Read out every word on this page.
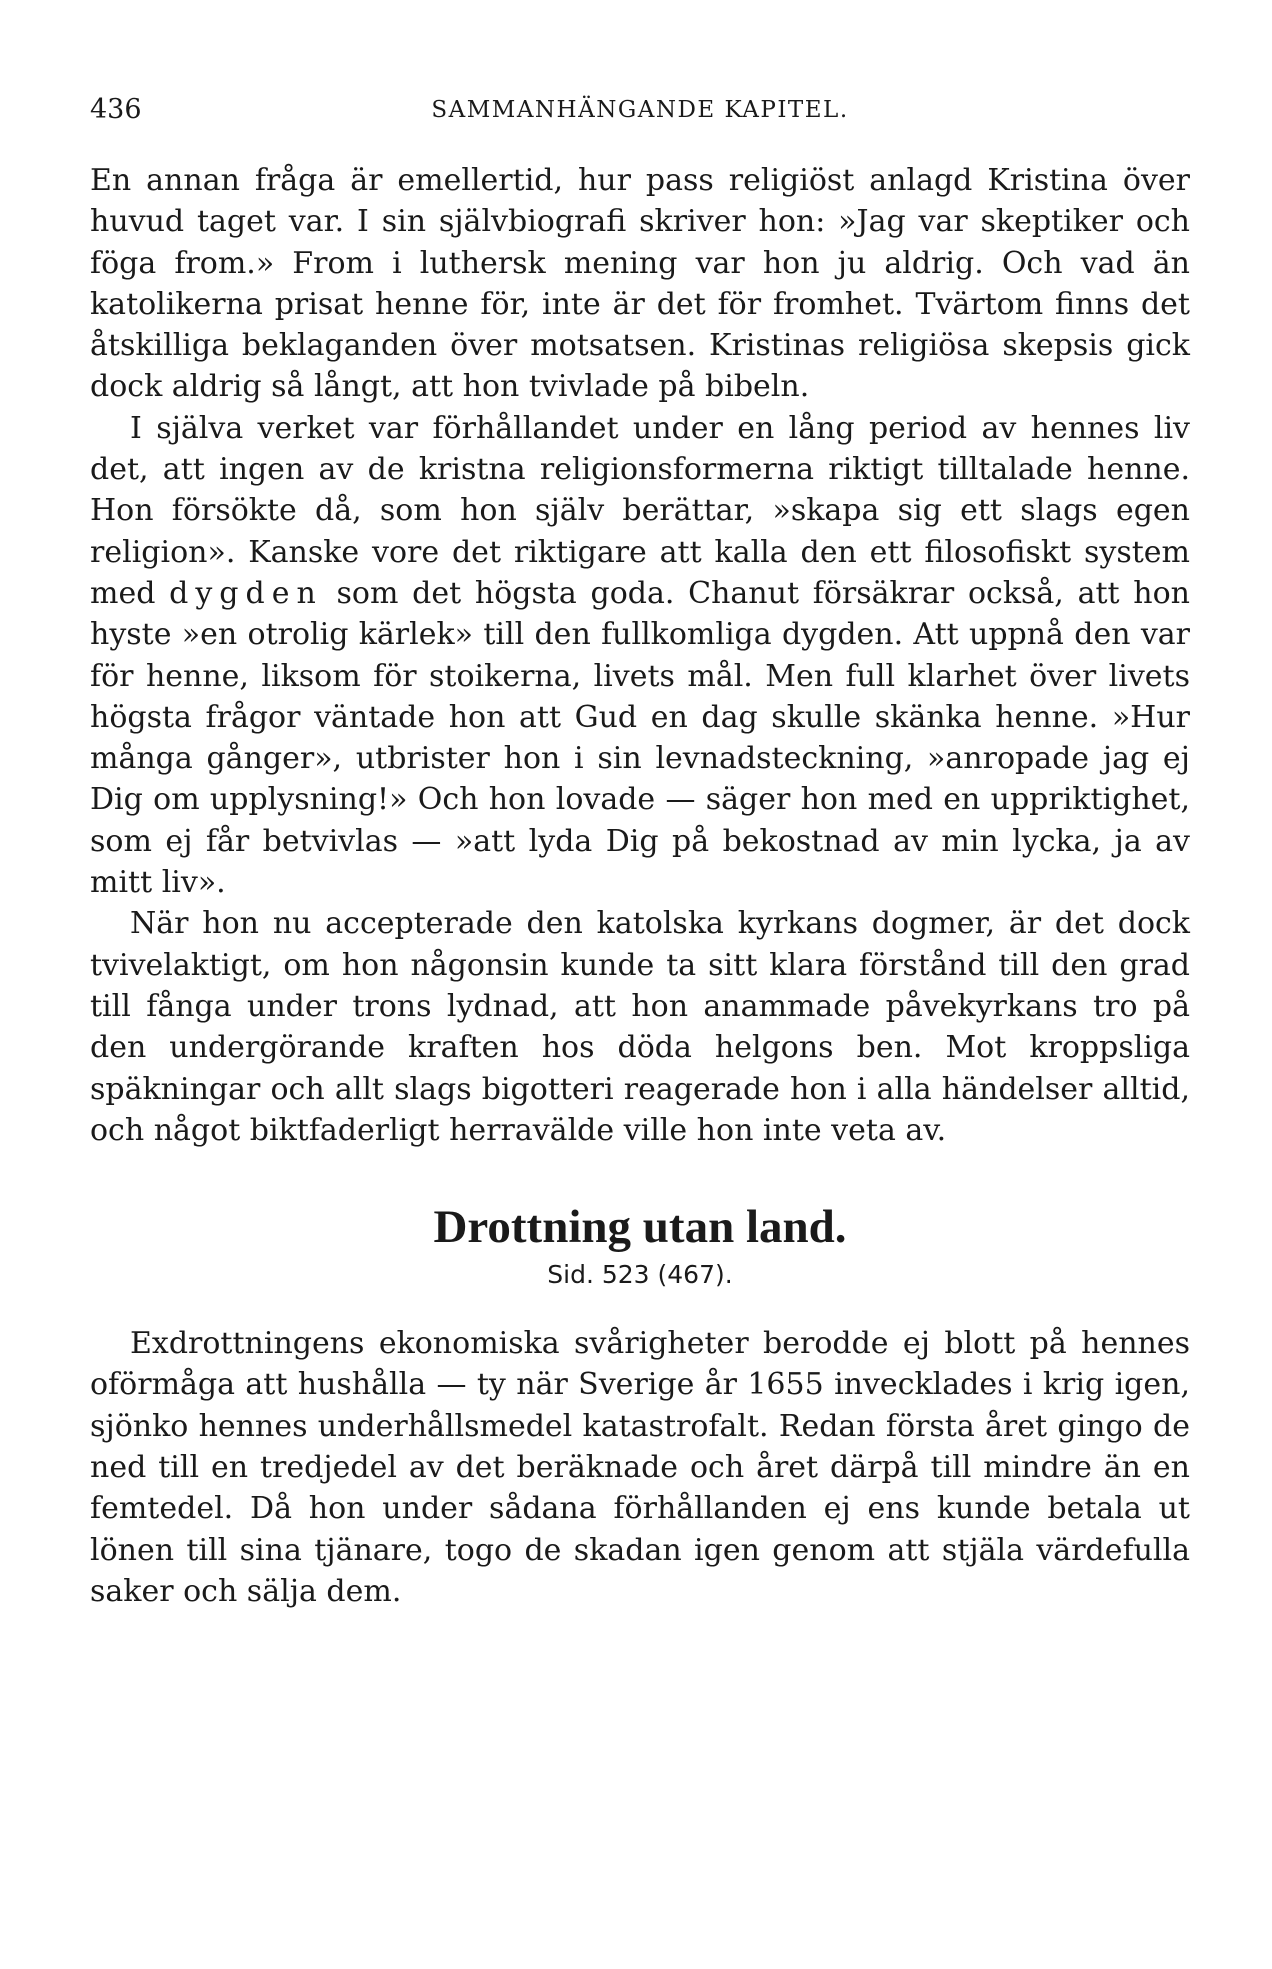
436	SAMMANHÄNGANDE KAPITEL.

En annan fråga är emellertid, hur pass religiöst anlagd Kristina över huvud taget var. I sin självbiografi skriver hon: »Jag var skeptiker och föga from.» From i luthersk mening var hon ju aldrig. Och vad än katolikerna prisat henne för, inte är det för fromhet. Tvärtom finns det åtskilliga beklaganden över motsatsen. Kristinas religiösa skepsis gick dock aldrig så långt, att hon tvivlade på bibeln.

I själva verket var förhållandet under en lång period av hennes liv det, att ingen av de kristna religionsformerna riktigt tilltalade henne. Hon försökte då, som hon själv berättar, »skapa sig ett slags egen religion». Kanske vore det riktigare att kalla den ett filosofiskt system med dygden som det högsta goda. Chanut försäkrar också, att hon hyste »en otrolig kärlek» till den fullkomliga dygden. Att uppnå den var för henne, liksom för stoikerna, livets mål. Men full klarhet över livets högsta frågor väntade hon att Gud en dag skulle skänka henne. »Hur många gånger», utbrister hon i sin levnadsteckning, »anropade jag ej Dig om upplysning!» Och hon lovade — säger hon med en uppriktighet, som ej får betvivlas — »att lyda Dig på bekostnad av min lycka, ja av mitt liv».

När hon nu accepterade den katolska kyrkans dogmer, är det dock tvivelaktigt, om hon någonsin kunde ta sitt klara förstånd till den grad till fånga under trons lydnad, att hon anammade påvekyrkans tro på den undergörande kraften hos döda helgons ben. Mot kroppsliga späkningar och allt slags bigotteri reagerade hon i alla händelser alltid, och något biktfaderligt herravälde ville hon inte veta av.

Drottning utan land.
Sid. 523 (467).

Exdrottningens ekonomiska svårigheter berodde ej blott på hennes oförmåga att hushålla — ty när Sverige år 1655 invecklades i krig igen, sjönko hennes underhållsmedel katastrofalt. Redan första året gingo de ned till en tredjedel av det beräknade och året därpå till mindre än en femtedel. Då hon under sådana förhållanden ej ens kunde betala ut lönen till sina tjänare, togo de skadan igen genom att stjäla värdefulla saker och sälja dem.
